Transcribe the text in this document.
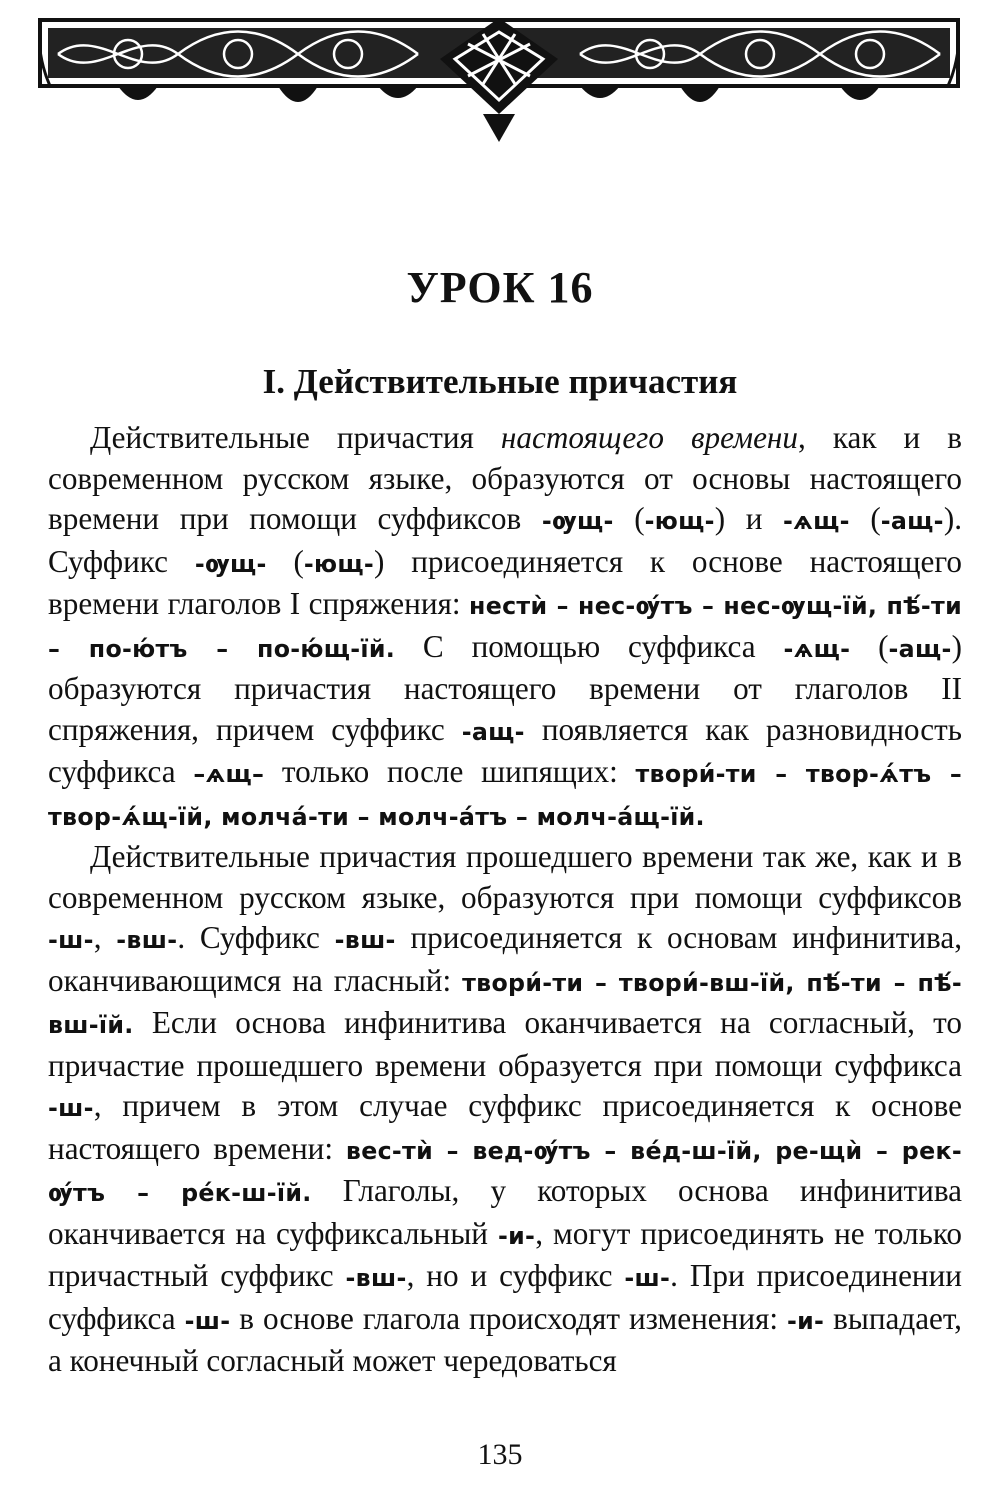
УРОК 16
I. Действительные причастия

Действительные причастия настоящего времени, как и в современном русском языке, образуются от основы настоящего времени при помощи суффиксов -ѹщ- (-ющ-) и -ѧщ- (-ащ-). Суффикс -ѹщ- (-ющ-) присоединяется к основе настоящего времени глаголов I спряжения: нестѝ – нес-ѹ́тъ – нес-ѹщ-їй, пѣ́-ти – по-ю́тъ – по-ю́щ-їй. С помощью суффикса -ѧщ- (-ащ-) образуются причастия настоящего времени от глаголов II спряжения, причем суффикс -ащ- появляется как разновидность суффикса –ѧщ– только после шипящих: твори́-ти – твор-ѧ́тъ – твор-ѧ́щ-їй, молча́-ти – молч-а́тъ – молч-а́щ-їй.

Действительные причастия прошедшего времени так же, как и в современном русском языке, образуются при помощи суффиксов -ш-, -вш-. Суффикс -вш- присоединяется к основам инфинитива, оканчивающимся на гласный: твори́-ти – твори́-вш-їй, пѣ́-ти – пѣ́-вш-їй. Если основа инфинитива оканчивается на согласный, то причастие прошедшего времени образуется при помощи суффикса -ш-, причем в этом случае суффикс присоединяется к основе настоящего времени: вес-тѝ – вед-ѹ́тъ – ве́д-ш-їй, ре-щѝ – рек-ѹ́тъ – ре́к-ш-їй. Глаголы, у которых основа инфинитива оканчивается на суффиксальный -и-, могут присоединять не только причастный суффикс -вш-, но и суффикс -ш-. При присоединении суффикса -ш- в основе глагола происходят изменения: -и- выпадает, а конечный согласный может чередоваться

135
